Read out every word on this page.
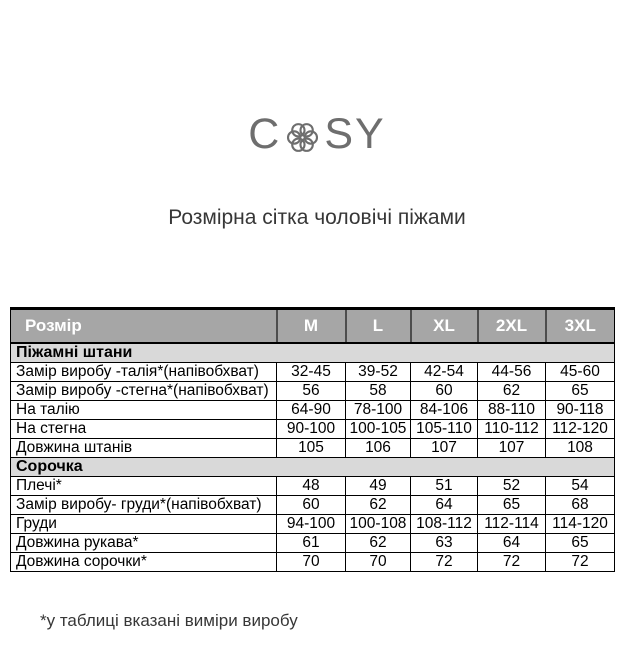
C SY
Розмірна сітка чоловічі піжами
Розмір	M	L	XL	2XL	3XL
Піжамні штани					
Замір виробу -талія*(напівобхват)	32-45	39-52	42-54	44-56	45-60
Замір виробу -стегна*(напівобхват)	56	58	60	62	65
На талію	64-90	78-100	84-106	88-110	90-118
На стегна	90-100	100-105	105-110	110-112	112-120
Довжина штанів	105	106	107	107	108
Сорочка					
Плечі*	48	49	51	52	54
Замір виробу- груди*(напівобхват)	60	62	64	65	68
Груди	94-100	100-108	108-112	112-114	114-120
Довжина рукава*	61	62	63	64	65
Довжина сорочки*	70	70	72	72	72
*у таблиці вказані виміри виробу
